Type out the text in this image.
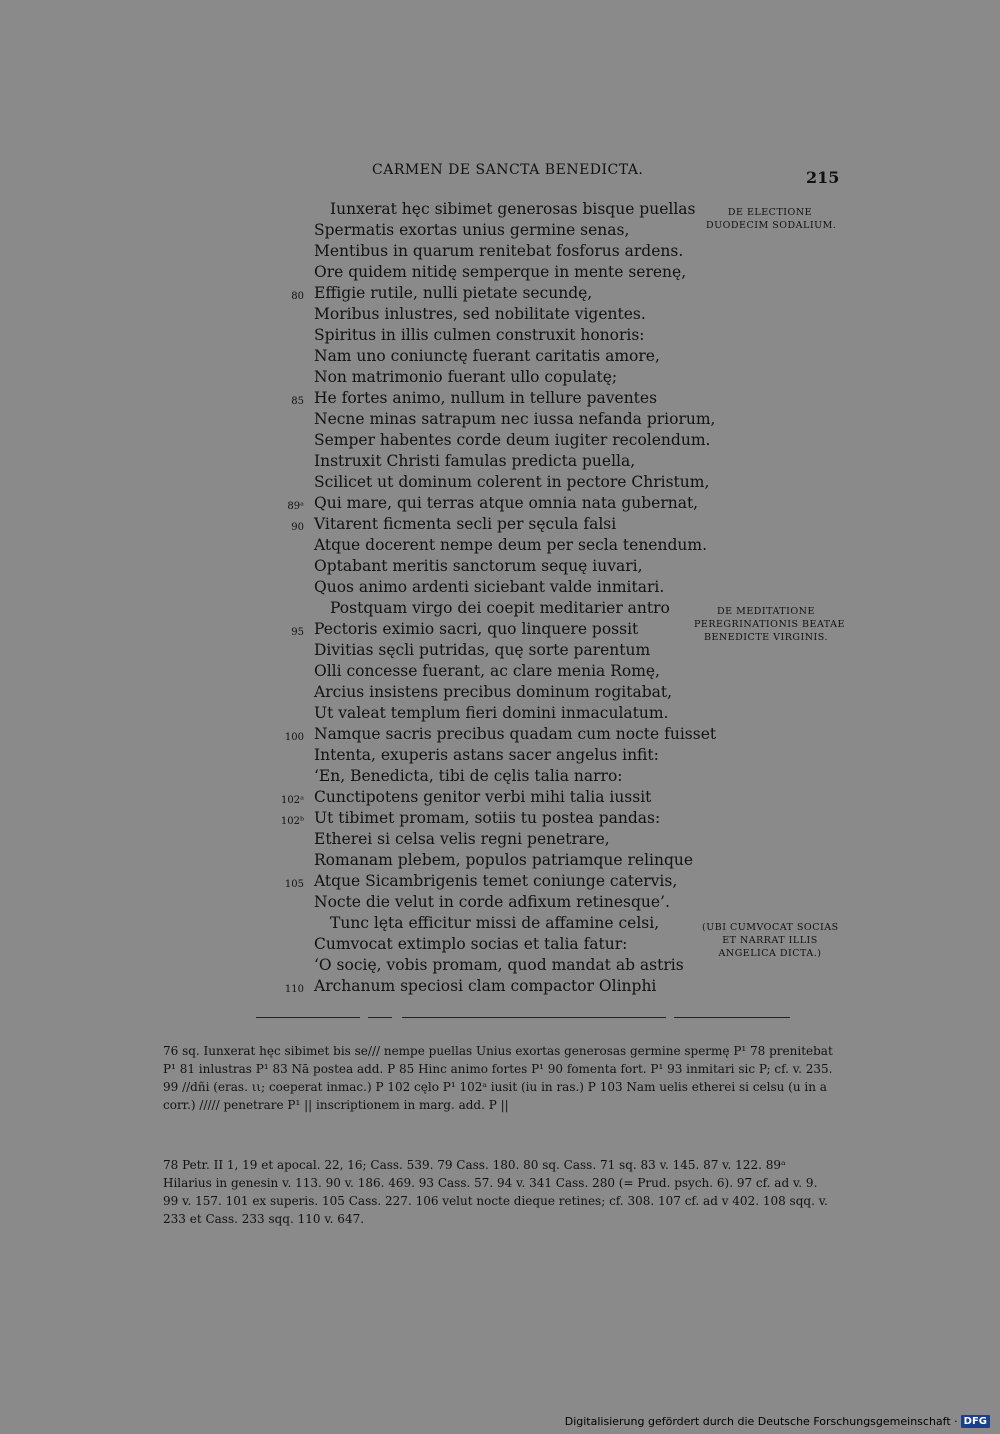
CARMEN DE SANCTA BENEDICTA.	215
Iunxerat hęc sibimet generosas bisque puellas
Spermatis exortas unius germine senas,
Mentibus in quarum renitebat fosforus ardens.
Ore quidem nitidę semperque in mente serenę,
80 Effigie rutile, nulli pietate secundę,
Moribus inlustres, sed nobilitate vigentes.
Spiritus in illis culmen construxit honoris:
Nam uno coniunctę fuerant caritatis amore,
Non matrimonio fuerant ullo copulatę;
85 He fortes animo, nullum in tellure paventes
Necne minas satrapum nec iussa nefanda priorum,
Semper habentes corde deum iugiter recolendum.
Instruxit Christi famulas predicta puella,
Scilicet ut dominum colerent in pectore Christum,
89ᵃ Qui mare, qui terras atque omnia nata gubernat,
90 Vitarent ficmenta secli per sęcula falsi
Atque docerent nempe deum per secla tenendum.
Optabant meritis sanctorum sequę iuvari,
Quos animo ardenti siciebant valde inmitari.
Postquam virgo dei coepit meditarier antro
95 Pectoris eximio sacri, quo linquere possit
Divitias sęcli putridas, quę sorte parentum
Olli concesse fuerant, ac clare menia Romę,
Arcius insistens precibus dominum rogitabat,
Ut valeat templum fieri domini inmaculatum.
100 Namque sacris precibus quadam cum nocte fuisset
Intenta, exuperis astans sacer angelus infit:
‘En, Benedicta, tibi de cęlis talia narro:
102ᵃ Cunctipotens genitor verbi mihi talia iussit
102ᵇ Ut tibimet promam, sotiis tu postea pandas:
Etherei si celsa velis regni penetrare,
Romanam plebem, populos patriamque relinque
105 Atque Sicambrigenis temet coniunge catervis,
Nocte die velut in corde adfixum retinesque’.
Tunc lęta efficitur missi de affamine celsi,
Cumvocat extimplo socias et talia fatur:
‘O socię, vobis promam, quod mandat ab astris
110 Archanum speciosi clam compactor Olinphi
DE ELECTIONE
DUODECIM SODALIUM.
DE MEDITATIONE
PEREGRINATIONIS BEATAE
BENEDICTE VIRGINIS.
(UBI CUMVOCAT SOCIAS
ET NARRAT ILLIS
ANGELICA DICTA.)

76 sq. Iunxerat hęc sibimet bis se/// nempe puellas Unius exortas generosas germine spermę P¹ 78 prenitebat P¹ 81 inlustras P¹ 83 Nā postea add. P 85 Hinc animo fortes P¹ 90 fomenta fort. P¹ 93 inmitari sic P; cf. v. 235. 99 //dñi (eras. ιι; coeperat inmac.) P 102 cęlo P¹ 102ᵃ iusit (iu in ras.) P 103 Nam uelis etherei si celsu (u in a corr.) ///// penetrare P¹ || inscriptionem in marg. add. P ||

78 Petr. II 1, 19 et apocal. 22, 16; Cass. 539. 79 Cass. 180. 80 sq. Cass. 71 sq. 83 v. 145. 87 v. 122. 89ᵃ Hilarius in genesin v. 113. 90 v. 186. 469. 93 Cass. 57. 94 v. 341 Cass. 280 (= Prud. psych. 6). 97 cf. ad v. 9. 99 v. 157. 101 ex superis. 105 Cass. 227. 106 velut nocte dieque retines; cf. 308. 107 cf. ad v 402. 108 sqq. v. 233 et Cass. 233 sqq. 110 v. 647.

Digitalisierung gefördert durch die Deutsche Forschungsgemeinschaft · DFG
